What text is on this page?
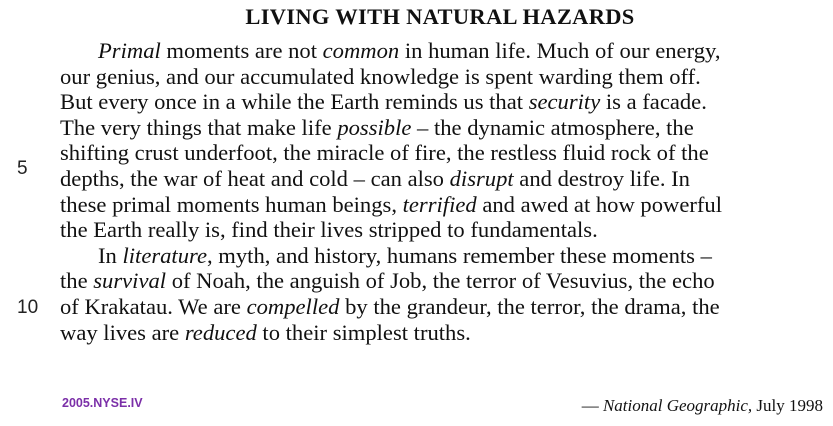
LIVING WITH NATURAL HAZARDS
Primal moments are not common in human life. Much of our energy,
our genius, and our accumulated knowledge is spent warding them off.
But every once in a while the Earth reminds us that security is a facade.
The very things that make life possible – the dynamic atmosphere, the
shifting crust underfoot, the miracle of fire, the restless fluid rock of the
depths, the war of heat and cold – can also disrupt and destroy life. In
these primal moments human beings, terrified and awed at how powerful
the Earth really is, find their lives stripped to fundamentals.
In literature, myth, and history, humans remember these moments –
the survival of Noah, the anguish of Job, the terror of Vesuvius, the echo
of Krakatau. We are compelled by the grandeur, the terror, the drama, the
way lives are reduced to their simplest truths.
5
10
2005.NYSE.IV	— National Geographic, July 1998
